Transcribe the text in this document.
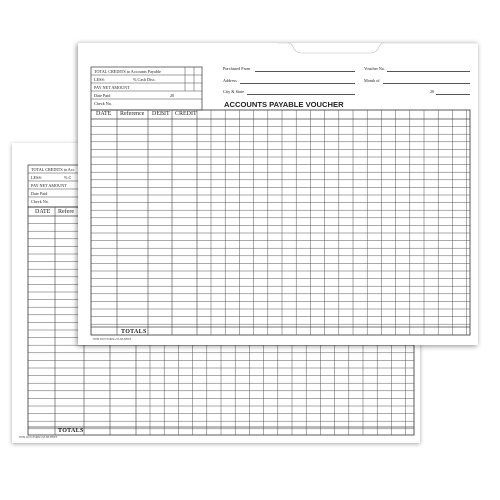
TOTAL CREDITS to Acc
LESS:	% C
PAY NET AMOUNT
Date Paid
Check No.
DATE Refere
TOTALS
ITEM 46574 FORM 233-SH-HHYE
TOTAL CREDITS to Accounts Payable
LESS:	% Cash Disc.
PAY NET AMOUNT
Date Paid	20
Check No.
Purchased From
Address
City & State
Voucher No.
Month of
20
ACCOUNTS PAYABLE VOUCHER
DATE Reference DEBIT CREDIT
TOTALS
ITEM 46570 FORM 233-SH-HHYE
